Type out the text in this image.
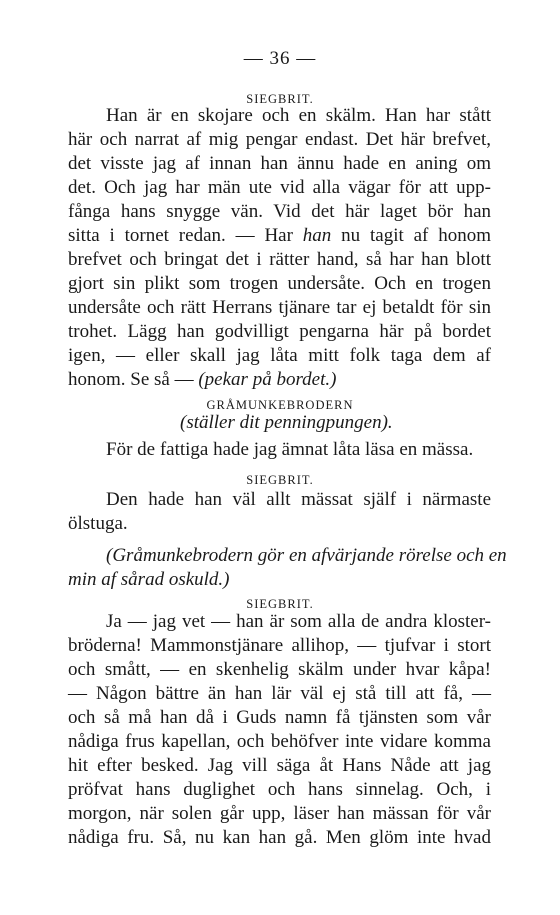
— 36 —
SIEGBRIT.
Han är en skojare och en skälm. Han har stått
här och narrat af mig pengar endast. Det här brefvet,
det visste jag af innan han ännu hade en aning om
det. Och jag har män ute vid alla vägar för att upp-
fånga hans snygge vän. Vid det här laget bör han
sitta i tornet redan. — Har han nu tagit af honom
brefvet och bringat det i rätter hand, så har han blott
gjort sin plikt som trogen undersåte. Och en trogen
undersåte och rätt Herrans tjänare tar ej betaldt för sin
trohet. Lägg han godvilligt pengarna här på bordet
igen, — eller skall jag låta mitt folk taga dem af
honom. Se så — (pekar på bordet.)
GRÅMUNKEBRODERN
(ställer dit penningpungen).
För de fattiga hade jag ämnat låta läsa en mässa.
SIEGBRIT.
Den hade han väl allt mässat själf i närmaste
ölstuga.
(Gråmunkebrodern gör en afvärjande rörelse och en
min af sårad oskuld.)
SIEGBRIT.
Ja — jag vet — han är som alla de andra kloster-
bröderna! Mammonstjänare allihop, — tjufvar i stort
och smått, — en skenhelig skälm under hvar kåpa!
— Någon bättre än han lär väl ej stå till att få, —
och så må han då i Guds namn få tjänsten som vår
nådiga frus kapellan, och behöfver inte vidare komma
hit efter besked. Jag vill säga åt Hans Nåde att jag
pröfvat hans duglighet och hans sinnelag. Och, i
morgon, när solen går upp, läser han mässan för vår
nådiga fru. Så, nu kan han gå. Men glöm inte hvad
